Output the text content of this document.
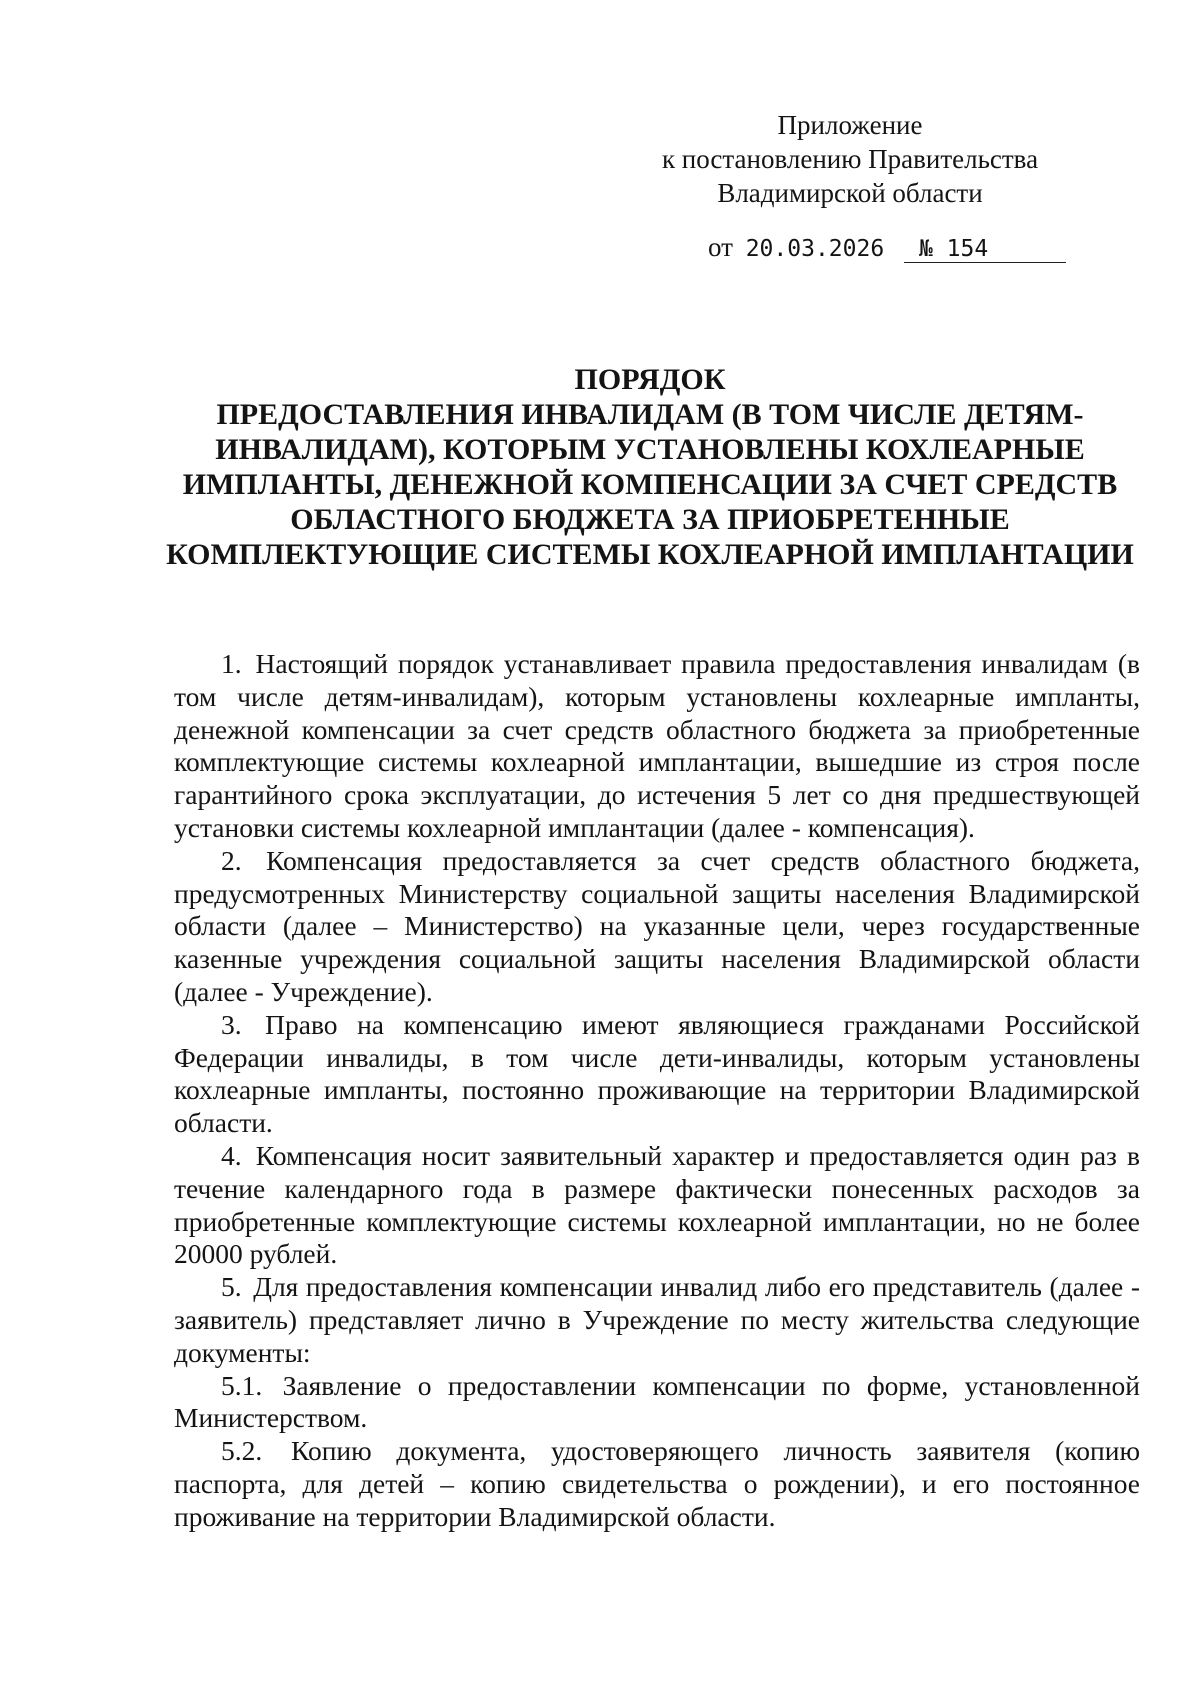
Приложение
к постановлению Правительства
Владимирской области
от 20.03.2026 № 154
ПОРЯДОК
ПРЕДОСТАВЛЕНИЯ ИНВАЛИДАМ (В ТОМ ЧИСЛЕ ДЕТЯМ-
ИНВАЛИДАМ), КОТОРЫМ УСТАНОВЛЕНЫ КОХЛЕАРНЫЕ
ИМПЛАНТЫ, ДЕНЕЖНОЙ КОМПЕНСАЦИИ ЗА СЧЕТ СРЕДСТВ
ОБЛАСТНОГО БЮДЖЕТА ЗА ПРИОБРЕТЕННЫЕ
КОМПЛЕКТУЮЩИЕ СИСТЕМЫ КОХЛЕАРНОЙ ИМПЛАНТАЦИИ

1. Настоящий порядок устанавливает правила предоставления инвалидам (в том числе детям-инвалидам), которым установлены кохлеарные импланты, денежной компенсации за счет средств областного бюджета за приобретенные комплектующие системы кохлеарной имплантации, вышедшие из строя после гарантийного срока эксплуатации, до истечения 5 лет со дня предшествующей установки системы кохлеарной имплантации (далее - компенсация).

2. Компенсация предоставляется за счет средств областного бюджета, предусмотренных Министерству социальной защиты населения Владимирской области (далее – Министерство) на указанные цели, через государственные казенные учреждения социальной защиты населения Владимирской области (далее - Учреждение).

3. Право на компенсацию имеют являющиеся гражданами Российской Федерации инвалиды, в том числе дети-инвалиды, которым установлены кохлеарные импланты, постоянно проживающие на территории Владимирской области.

4. Компенсация носит заявительный характер и предоставляется один раз в течение календарного года в размере фактически понесенных расходов за приобретенные комплектующие системы кохлеарной имплантации, но не более 20000 рублей.

5. Для предоставления компенсации инвалид либо его представитель (далее - заявитель) представляет лично в Учреждение по месту жительства следующие документы:

5.1. Заявление о предоставлении компенсации по форме, установленной Министерством.

5.2. Копию документа, удостоверяющего личность заявителя (копию паспорта, для детей – копию свидетельства о рождении), и его постоянное проживание на территории Владимирской области.
